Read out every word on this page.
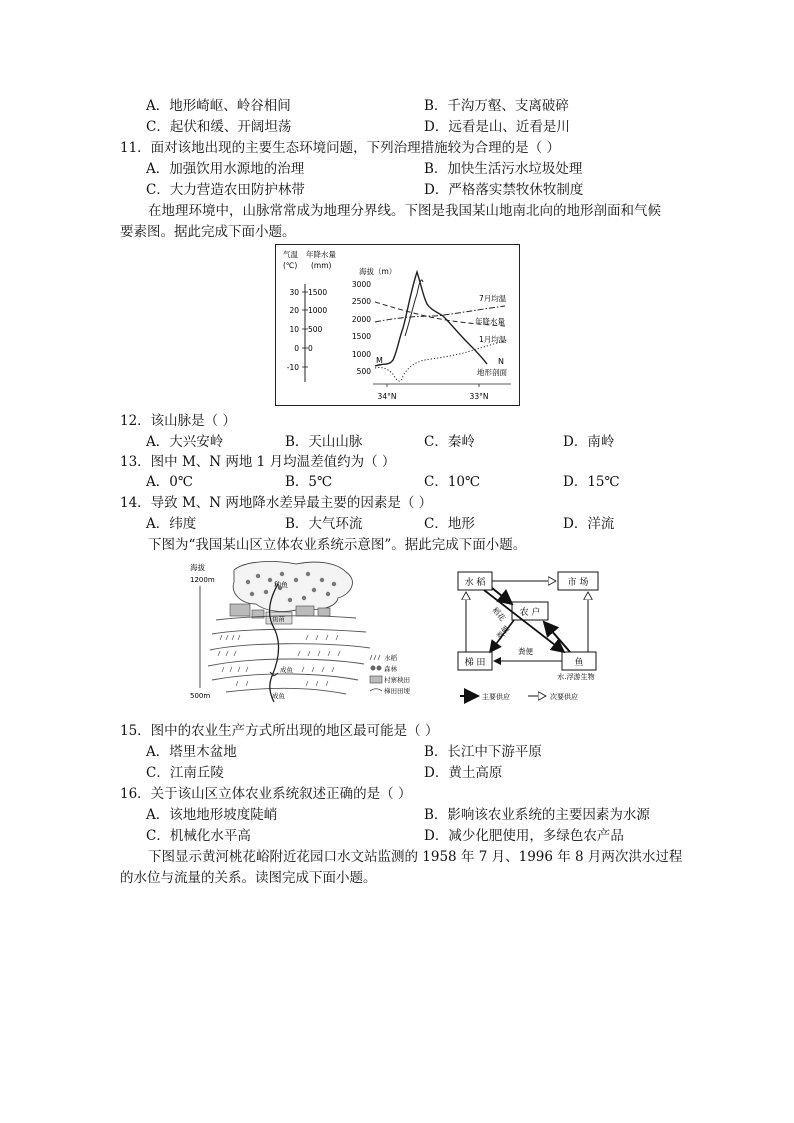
A．地形崎岖、岭谷相间	B．千沟万壑、支离破碎
C．起伏和缓、开阔坦荡	D．远看是山、近看是川
11．面对该地出现的主要生态环境问题，下列治理措施较为合理的是（ ）
A．加强饮用水源地的治理	B．加快生活污水垃圾处理
C．大力营造农田防护林带	D．严格落实禁牧休牧制度
在地理环境中，山脉常常成为地理分界线。下图是我国某山地南北向的地形剖面和气候
要素图。据此完成下面小题。
气温
(℃)
年降水量
(mm)
30
20
10
0
-10
1500
1000
500
0
海拔（m）
3000
2500
2000
1500
1000
500
34°N	33°N
M	N
7月均温
年降水量
1月均温
地形剖面
12．该山脉是（ ）
A．大兴安岭	B．天山山脉	C．秦岭	D．南岭
13．图中 M、N 两地 1 月均温差值约为（ ）
A．0℃	B．5℃	C．10℃	D．15℃
14．导致 M、N 两地降水差异最主要的因素是（ ）
A．纬度	B．大气环流	C．地形	D．洋流
下图为“我国某山区立体农业系统示意图”。据此完成下面小题。
海拔
1200m
500m
种鱼
鱼苗
成鱼
成鱼
水稻
森林
村寨秧田
梯田田埂
水 稻	市 场
农 户
梯 田	鱼
水.浮游生物
稻花
粪便
粪便
主要供应	次要供应
15．图中的农业生产方式所出现的地区最可能是（ ）
A．塔里木盆地	B．长江中下游平原
C．江南丘陵	D．黄土高原
16．关于该山区立体农业系统叙述正确的是（ ）
A．该地地形坡度陡峭	B．影响该农业系统的主要因素为水源
C．机械化水平高	D．减少化肥使用，多绿色农产品
下图显示黄河桃花峪附近花园口水文站监测的 1958 年 7 月、1996 年 8 月两次洪水过程
的水位与流量的关系。读图完成下面小题。
